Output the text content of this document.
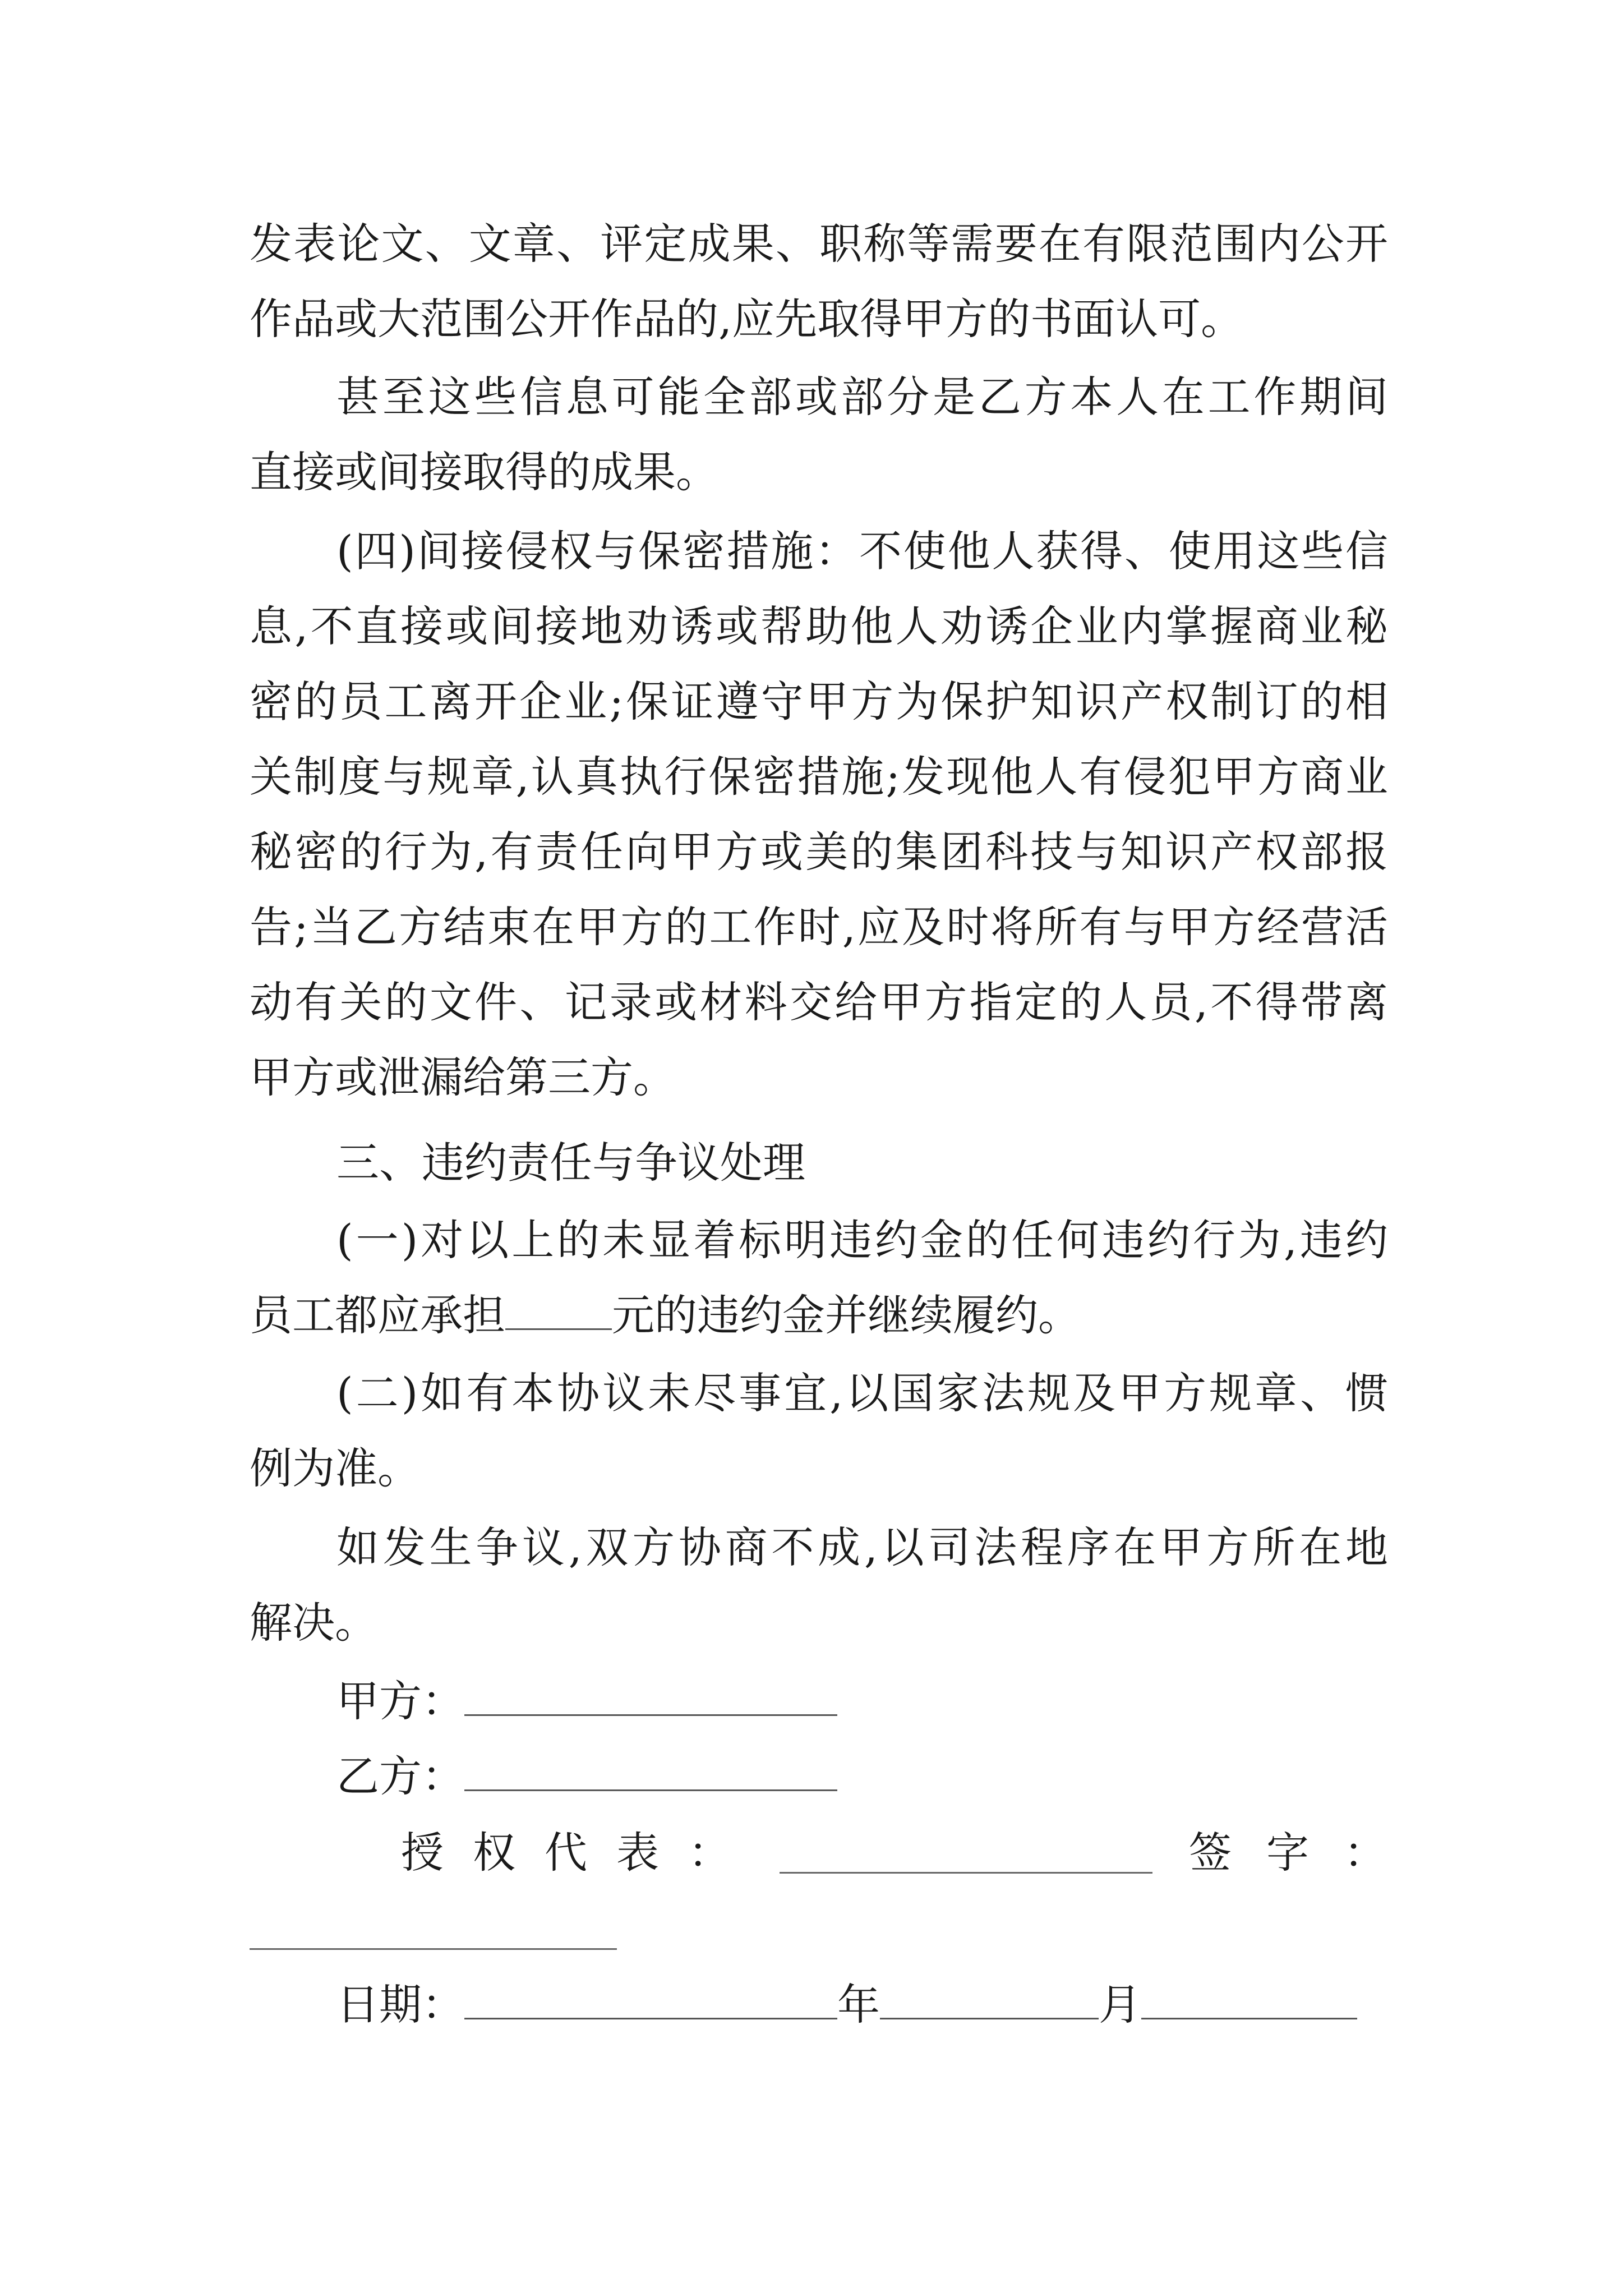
发表论文、文章、评定成果、职称等需要在有限范围内公开
作品或大范围公开作品的,应先取得甲方的书面认可。
甚至这些信息可能全部或部分是乙方本人在工作期间
直接或间接取得的成果。
(四)间接侵权与保密措施：不使他人获得、使用这些信
息,不直接或间接地劝诱或帮助他人劝诱企业内掌握商业秘
密的员工离开企业;保证遵守甲方为保护知识产权制订的相
关制度与规章,认真执行保密措施;发现他人有侵犯甲方商业
秘密的行为,有责任向甲方或美的集团科技与知识产权部报
告;当乙方结束在甲方的工作时,应及时将所有与甲方经营活
动有关的文件、记录或材料交给甲方指定的人员,不得带离
甲方或泄漏给第三方。
三、违约责任与争议处理
(一)对以上的未显着标明违约金的任何违约行为,违约
员工都应承担	元的违约金并继续履约。
(二)如有本协议未尽事宜,以国家法规及甲方规章、惯
例为准。
如发生争议,双方协商不成,以司法程序在甲方所在地
解决。
甲方：
乙方：
授权代表：	签字：
日期：	年	月
